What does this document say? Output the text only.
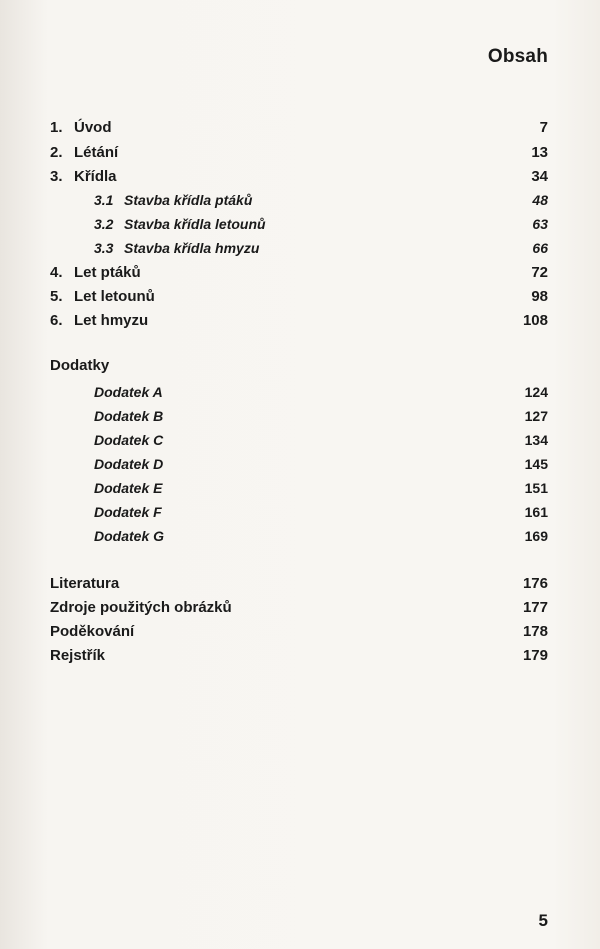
Obsah
1. Úvod	7
2. Létání	13
3. Křídla	34
3.1 Stavba křídla ptáků	48
3.2 Stavba křídla letounů	63
3.3 Stavba křídla hmyzu	66
4. Let ptáků	72
5. Let letounů	98
6. Let hmyzu	108
Dodatky
Dodatek A	124
Dodatek B	127
Dodatek C	134
Dodatek D	145
Dodatek E	151
Dodatek F	161
Dodatek G	169
Literatura	176
Zdroje použitých obrázků	177
Poděkování	178
Rejstřík	179
5
